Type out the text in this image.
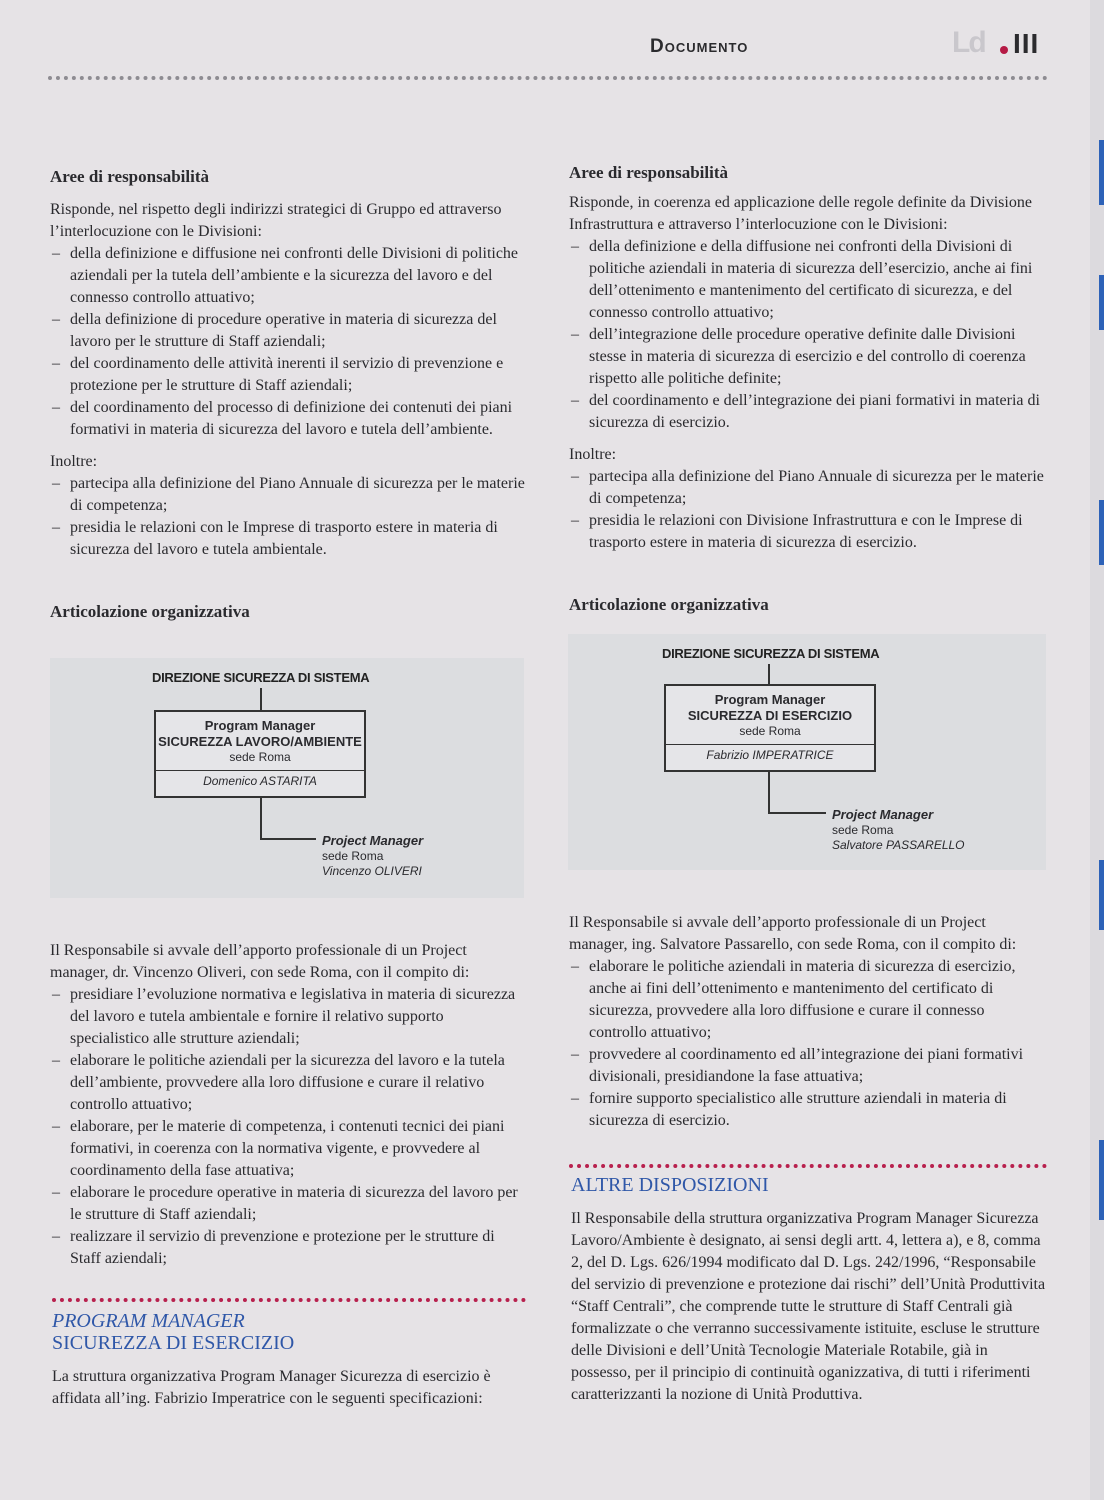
Documento	Ld III

Aree di responsabilità

Risponde, nel rispetto degli indirizzi strategici di Gruppo ed attraverso l’interlocuzione con le Divisioni:

– della definizione e diffusione nei confronti delle Divisioni di politiche aziendali per la tutela dell’ambiente e la sicurezza del lavoro e del connesso controllo attuativo;
– della definizione di procedure operative in materia di sicurezza del lavoro per le strutture di Staff aziendali;
– del coordinamento delle attività inerenti il servizio di prevenzione e protezione per le strutture di Staff aziendali;
– del coordinamento del processo di definizione dei contenuti dei piani formativi in materia di sicurezza del lavoro e tutela dell’ambiente.

Inoltre:

– partecipa alla definizione del Piano Annuale di sicurezza per le materie di competenza;
– presidia le relazioni con le Imprese di trasporto estere in materia di sicurezza del lavoro e tutela ambientale.

Articolazione organizzativa

DIREZIONE SICUREZZA DI SISTEMA
Program Manager
SICUREZZA LAVORO/AMBIENTE
sede Roma
Domenico ASTARITA
Project Manager
sede Roma
Vincenzo OLIVERI

Il Responsabile si avvale dell’apporto professionale di un Project manager, dr. Vincenzo Oliveri, con sede Roma, con il compito di:

– presidiare l’evoluzione normativa e legislativa in materia di sicurezza del lavoro e tutela ambientale e fornire il relativo supporto specialistico alle strutture aziendali;
– elaborare le politiche aziendali per la sicurezza del lavoro e la tutela dell’ambiente, provvedere alla loro diffusione e curare il relativo controllo attuativo;
– elaborare, per le materie di competenza, i contenuti tecnici dei piani formativi, in coerenza con la normativa vigente, e provvedere al coordinamento della fase attuativa;
– elaborare le procedure operative in materia di sicurezza del lavoro per le strutture di Staff aziendali;
– realizzare il servizio di prevenzione e protezione per le strutture di Staff aziendali;

PROGRAM MANAGER

SICUREZZA DI ESERCIZIO

La struttura organizzativa Program Manager Sicurezza di esercizio è affidata all’ing. Fabrizio Imperatrice con le seguenti specificazioni:

Aree di responsabilità

Risponde, in coerenza ed applicazione delle regole definite da Divisione Infrastruttura e attraverso l’interlocuzione con le Divisioni:

– della definizione e della diffusione nei confronti della Divisioni di politiche aziendali in materia di sicurezza dell’esercizio, anche ai fini dell’ottenimento e mantenimento del certificato di sicurezza, e del connesso controllo attuativo;
– dell’integrazione delle procedure operative definite dalle Divisioni stesse in materia di sicurezza di esercizio e del controllo di coerenza rispetto alle politiche definite;
– del coordinamento e dell’integrazione dei piani formativi in materia di sicurezza di esercizio.

Inoltre:

– partecipa alla definizione del Piano Annuale di sicurezza per le materie di competenza;
– presidia le relazioni con Divisione Infrastruttura e con le Imprese di trasporto estere in materia di sicurezza di esercizio.

Articolazione organizzativa

DIREZIONE SICUREZZA DI SISTEMA
Program Manager
SICUREZZA DI ESERCIZIO
sede Roma
Fabrizio IMPERATRICE
Project Manager
sede Roma
Salvatore PASSARELLO

Il Responsabile si avvale dell’apporto professionale di un Project manager, ing. Salvatore Passarello, con sede Roma, con il compito di:

– elaborare le politiche aziendali in materia di sicurezza di esercizio, anche ai fini dell’ottenimento e mantenimento del certificato di sicurezza, provvedere alla loro diffusione e curare il connesso controllo attuativo;
– provvedere al coordinamento ed all’integrazione dei piani formativi divisionali, presidiandone la fase attuativa;
– fornire supporto specialistico alle strutture aziendali in materia di sicurezza di esercizio.

ALTRE DISPOSIZIONI

Il Responsabile della struttura organizzativa Program Manager Sicurezza Lavoro/Ambiente è designato, ai sensi degli artt. 4, lettera a), e 8, comma 2, del D. Lgs. 626/1994 modificato dal D. Lgs. 242/1996, “Responsabile del servizio di prevenzione e protezione dai rischi” dell’Unità Produttivita “Staff Centrali”, che comprende tutte le strutture di Staff Centrali già formalizzate o che verranno successivamente istituite, escluse le strutture delle Divisioni e dell’Unità Tecnologie Materiale Rotabile, già in possesso, per il principio di continuità oganizzativa, di tutti i riferimenti caratterizzanti la nozione di Unità Produttiva.
